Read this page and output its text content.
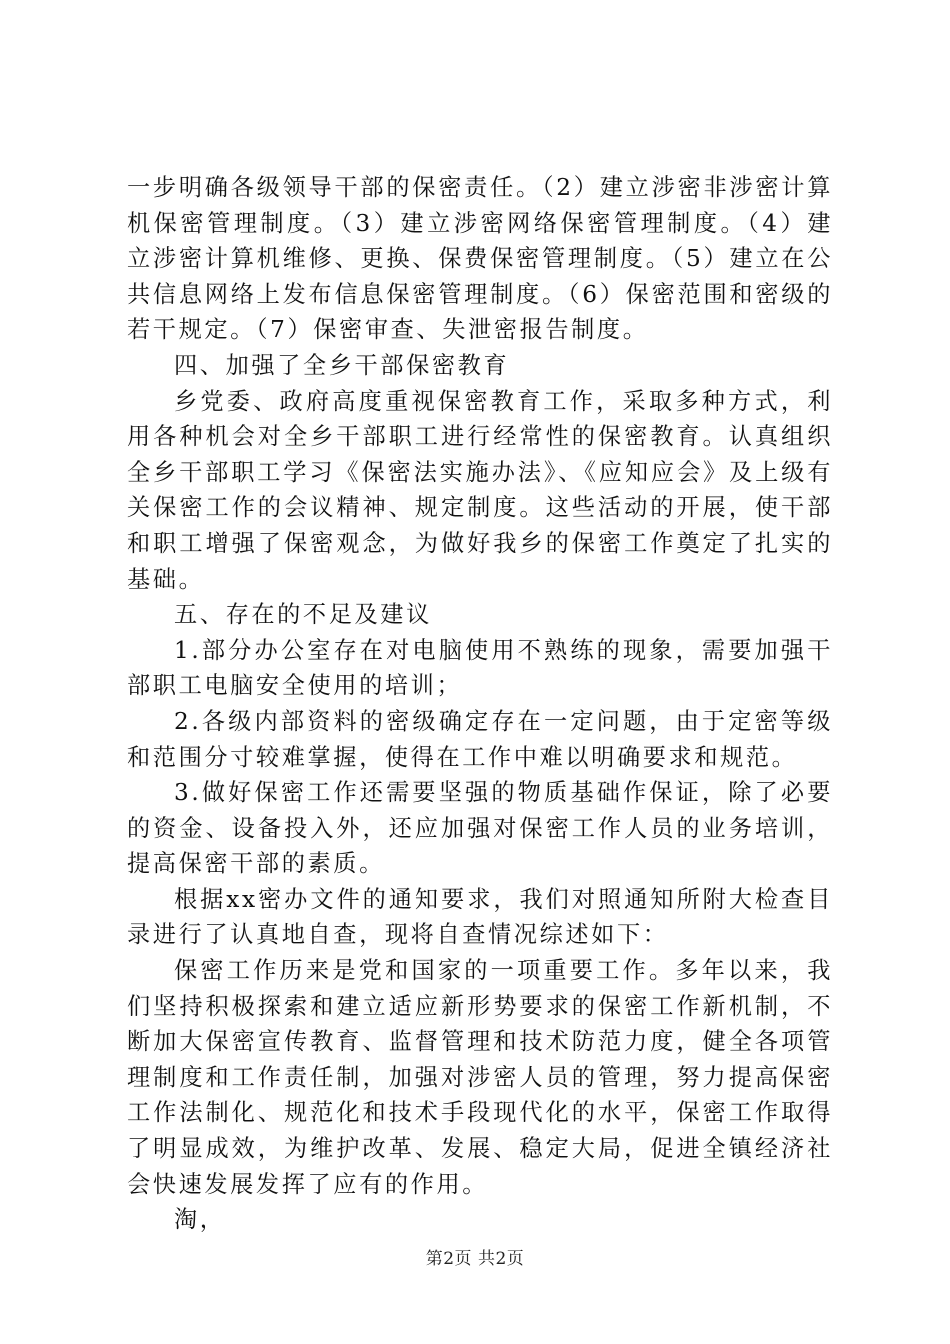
一步明确各级领导干部的保密责任。（2）建立涉密非涉密计算机保密管理制度。（3）建立涉密网络保密管理制度。（4）建立涉密计算机维修、更换、保费保密管理制度。（5）建立在公共信息网络上发布信息保密管理制度。（6）保密范围和密级的若干规定。（7）保密审查、失泄密报告制度。

四、加强了全乡干部保密教育

乡党委、政府高度重视保密教育工作，采取多种方式，利用各种机会对全乡干部职工进行经常性的保密教育。认真组织全乡干部职工学习《保密法实施办法》、《应知应会》及上级有关保密工作的会议精神、规定制度。这些活动的开展，使干部和职工增强了保密观念，为做好我乡的保密工作奠定了扎实的基础。

五、存在的不足及建议

1.部分办公室存在对电脑使用不熟练的现象，需要加强干部职工电脑安全使用的培训；

2.各级内部资料的密级确定存在一定问题，由于定密等级和范围分寸较难掌握，使得在工作中难以明确要求和规范。

3.做好保密工作还需要坚强的物质基础作保证，除了必要的资金、设备投入外，还应加强对保密工作人员的业务培训，提高保密干部的素质。

根据xx密办文件的通知要求，我们对照通知所附大检查目录进行了认真地自查，现将自查情况综述如下：

保密工作历来是党和国家的一项重要工作。多年以来，我们坚持积极探索和建立适应新形势要求的保密工作新机制，不断加大保密宣传教育、监督管理和技术防范力度，健全各项管理制度和工作责任制，加强对涉密人员的管理，努力提高保密工作法制化、规范化和技术手段现代化的水平，保密工作取得了明显成效，为维护改革、发展、稳定大局，促进全镇经济社会快速发展发挥了应有的作用。

淘，

第2页 共2页
